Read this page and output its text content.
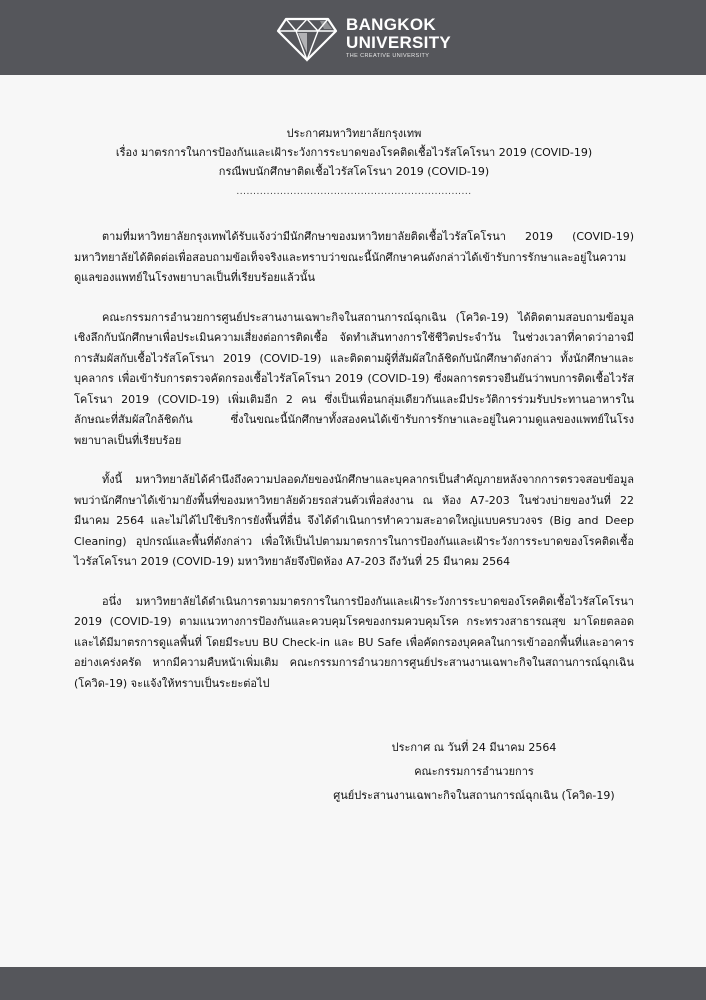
BANGKOK
UNIVERSITY
THE CREATIVE UNIVERSITY
ประกาศมหาวิทยาลัยกรุงเทพ
เรื่อง มาตรการในการป้องกันและเฝ้าระวังการระบาดของโรคติดเชื้อไวรัสโคโรนา 2019 (COVID-19)
กรณีพบนักศึกษาติดเชื้อไวรัสโคโรนา 2019 (COVID-19)
......................................................................
ตามที่มหาวิทยาลัยกรุงเทพได้รับแจ้งว่ามีนักศึกษาของมหาวิทยาลัยติดเชื้อไวรัสโคโรนา 2019 (COVID-19) มหาวิทยาลัยได้ติดต่อเพื่อสอบถามข้อเท็จจริงและทราบว่าขณะนี้นักศึกษาคนดังกล่าวได้เข้ารับการรักษาและอยู่ในความดูแลของแพทย์ในโรงพยาบาลเป็นที่เรียบร้อยแล้วนั้น
คณะกรรมการอำนวยการศูนย์ประสานงานเฉพาะกิจในสถานการณ์ฉุกเฉิน (โควิด-19) ได้ติดตามสอบถามข้อมูลเชิงลึกกับนักศึกษาเพื่อประเมินความเสี่ยงต่อการติดเชื้อ จัดทำเส้นทางการใช้ชีวิตประจำวัน ในช่วงเวลาที่คาดว่าอาจมีการสัมผัสกับเชื้อไวรัสโคโรนา 2019 (COVID-19) และติดตามผู้ที่สัมผัสใกล้ชิดกับนักศึกษาดังกล่าว ทั้งนักศึกษาและบุคลากร เพื่อเข้ารับการตรวจคัดกรองเชื้อไวรัสโคโรนา 2019 (COVID-19) ซึ่งผลการตรวจยืนยันว่าพบการติดเชื้อไวรัสโคโรนา 2019 (COVID-19) เพิ่มเติมอีก 2 คน ซึ่งเป็นเพื่อนกลุ่มเดียวกันและมีประวัติการร่วมรับประทานอาหารในลักษณะที่สัมผัสใกล้ชิดกัน ซึ่งในขณะนี้นักศึกษาทั้งสองคนได้เข้ารับการรักษาและอยู่ในความดูแลของแพทย์ในโรงพยาบาลเป็นที่เรียบร้อย
ทั้งนี้ มหาวิทยาลัยได้คำนึงถึงความปลอดภัยของนักศึกษาและบุคลากรเป็นสำคัญภายหลังจากการตรวจสอบข้อมูลพบว่านักศึกษาได้เข้ามายังพื้นที่ของมหาวิทยาลัยด้วยรถส่วนตัวเพื่อส่งงาน ณ ห้อง A7-203 ในช่วงบ่ายของวันที่ 22 มีนาคม 2564 และไม่ได้ไปใช้บริการยังพื้นที่อื่น จึงได้ดำเนินการทำความสะอาดใหญ่แบบครบวงจร (Big and Deep Cleaning) อุปกรณ์และพื้นที่ดังกล่าว เพื่อให้เป็นไปตามมาตรการในการป้องกันและเฝ้าระวังการระบาดของโรคติดเชื้อไวรัสโคโรนา 2019 (COVID-19) มหาวิทยาลัยจึงปิดห้อง A7-203 ถึงวันที่ 25 มีนาคม 2564
อนึ่ง มหาวิทยาลัยได้ดำเนินการตามมาตรการในการป้องกันและเฝ้าระวังการระบาดของโรคติดเชื้อไวรัสโคโรนา 2019 (COVID-19) ตามแนวทางการป้องกันและควบคุมโรคของกรมควบคุมโรค กระทรวงสาธารณสุข มาโดยตลอด และได้มีมาตรการดูแลพื้นที่ โดยมีระบบ BU Check-in และ BU Safe เพื่อคัดกรองบุคคลในการเข้าออกพื้นที่และอาคารอย่างเคร่งครัด หากมีความคืบหน้าเพิ่มเติม คณะกรรมการอำนวยการศูนย์ประสานงานเฉพาะกิจในสถานการณ์ฉุกเฉิน (โควิด-19) จะแจ้งให้ทราบเป็นระยะต่อไป
ประกาศ ณ วันที่ 24 มีนาคม 2564
คณะกรรมการอำนวยการ
ศูนย์ประสานงานเฉพาะกิจในสถานการณ์ฉุกเฉิน (โควิด-19)
